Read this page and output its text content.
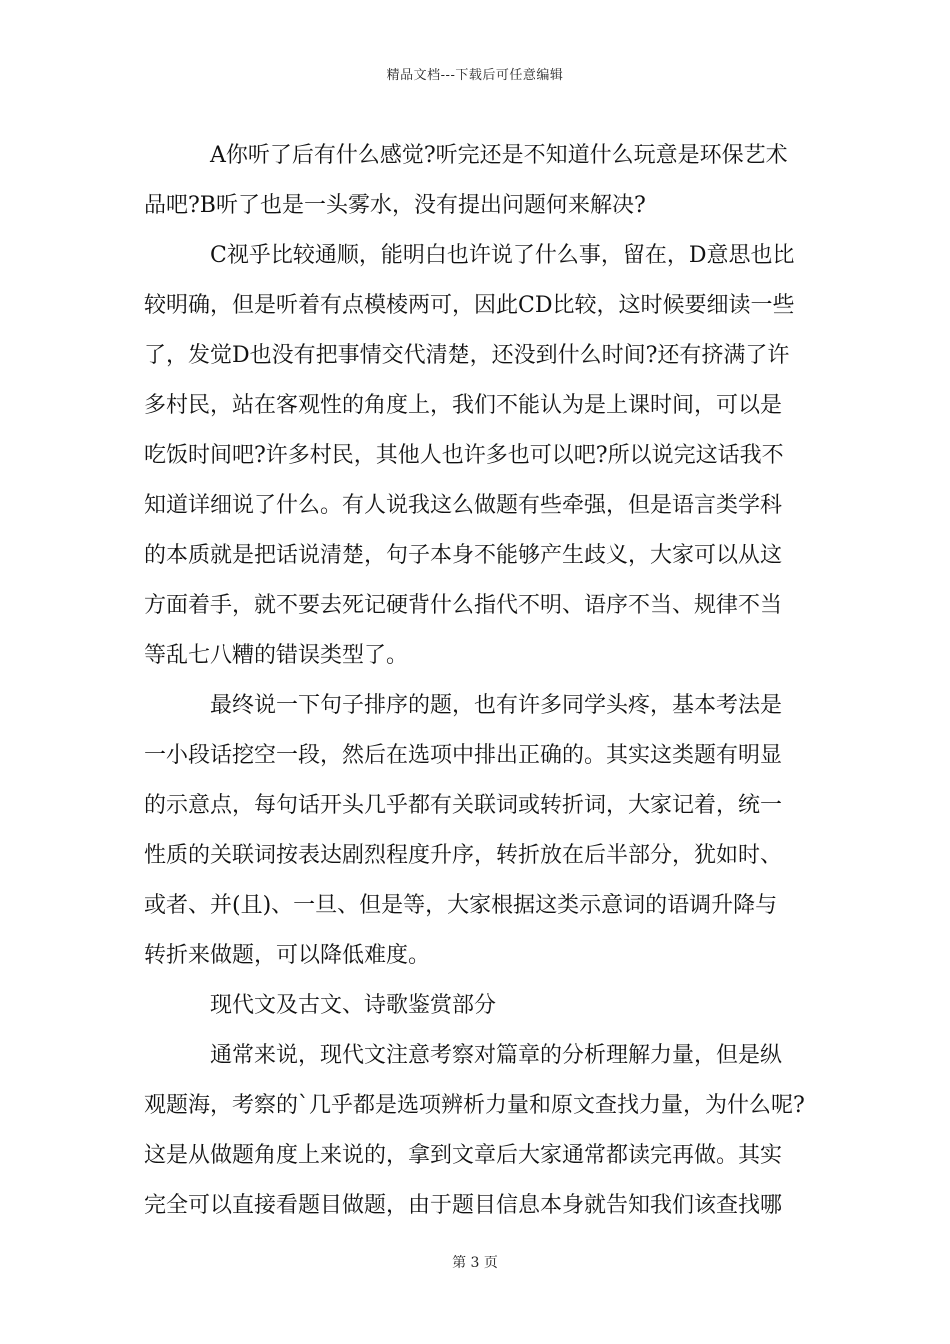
精品文档---下载后可任意编辑
A你听了后有什么感觉?听完还是不知道什么玩意是环保艺术
品吧?B听了也是一头雾水，没有提出问题何来解决?
C视乎比较通顺，能明白也许说了什么事，留在，D意思也比
较明确，但是听着有点模棱两可，因此CD比较，这时候要细读一些
了，发觉D也没有把事情交代清楚，还没到什么时间?还有挤满了许
多村民，站在客观性的角度上，我们不能认为是上课时间，可以是
吃饭时间吧?许多村民，其他人也许多也可以吧?所以说完这话我不
知道详细说了什么。有人说我这么做题有些牵强，但是语言类学科
的本质就是把话说清楚，句子本身不能够产生歧义，大家可以从这
方面着手，就不要去死记硬背什么指代不明、语序不当、规律不当
等乱七八糟的错误类型了。
最终说一下句子排序的题，也有许多同学头疼，基本考法是
一小段话挖空一段，然后在选项中排出正确的。其实这类题有明显
的示意点，每句话开头几乎都有关联词或转折词，大家记着，统一
性质的关联词按表达剧烈程度升序，转折放在后半部分，犹如时、
或者、并(且)、一旦、但是等，大家根据这类示意词的语调升降与
转折来做题，可以降低难度。
现代文及古文、诗歌鉴赏部分
通常来说，现代文注意考察对篇章的分析理解力量，但是纵
观题海，考察的`几乎都是选项辨析力量和原文查找力量，为什么呢?
这是从做题角度上来说的，拿到文章后大家通常都读完再做。其实
完全可以直接看题目做题，由于题目信息本身就告知我们该查找哪
第 3 页
